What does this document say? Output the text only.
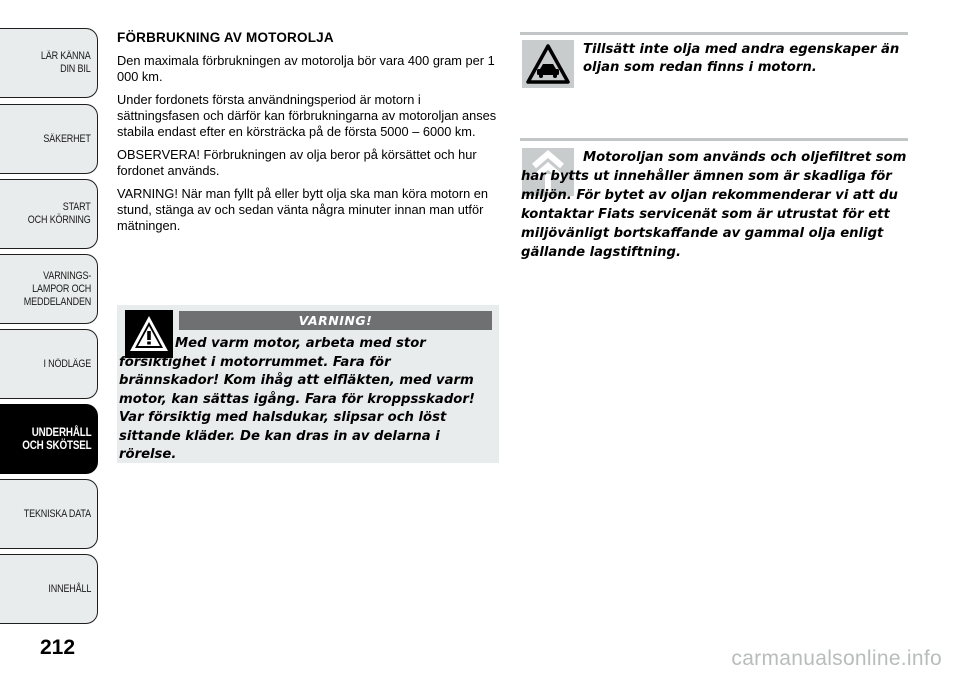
LÄR KÄNNA
DIN BIL
SÄKERHET
START
OCH KÖRNING
VARNINGS-
LAMPOR OCH
MEDDELANDEN
I NÖDLÄGE
UNDERHÅLL
OCH SKÖTSEL
TEKNISKA DATA
INNEHÅLL
212

FÖRBRUKNING AV MOTOROLJA

Den maximala förbrukningen av motorolja bör vara 400 gram per 1 000 km.

Under fordonets första användningsperiod är motorn i sättningsfasen och därför kan förbrukningarna av motoroljan anses stabila endast efter en körsträcka på de första 5000 – 6000 km.

OBSERVERA! Förbrukningen av olja beror på körsättet och hur fordonet används.

VARNING! När man fyllt på eller bytt olja ska man köra motorn en stund, stänga av och sedan vänta några minuter innan man utför mätningen.

VARNING!
Med varm motor, arbeta med stor försiktighet i motorrummet. Fara för brännskador! Kom ihåg att elfläkten, med varm motor, kan sättas igång. Fara för kroppsskador! Var försiktig med halsdukar, slipsar och löst sittande kläder. De kan dras in av delarna i rörelse.
Tillsätt inte olja med andra egenskaper än oljan som redan finns i motorn.
Motoroljan som används och oljefiltret som har bytts ut innehåller ämnen som är skadliga för miljön. För bytet av oljan rekommenderar vi att du kontaktar Fiats servicenät som är utrustat för ett miljövänligt bortskaffande av gammal olja enligt gällande lagstiftning.
carmanualsonline.info
